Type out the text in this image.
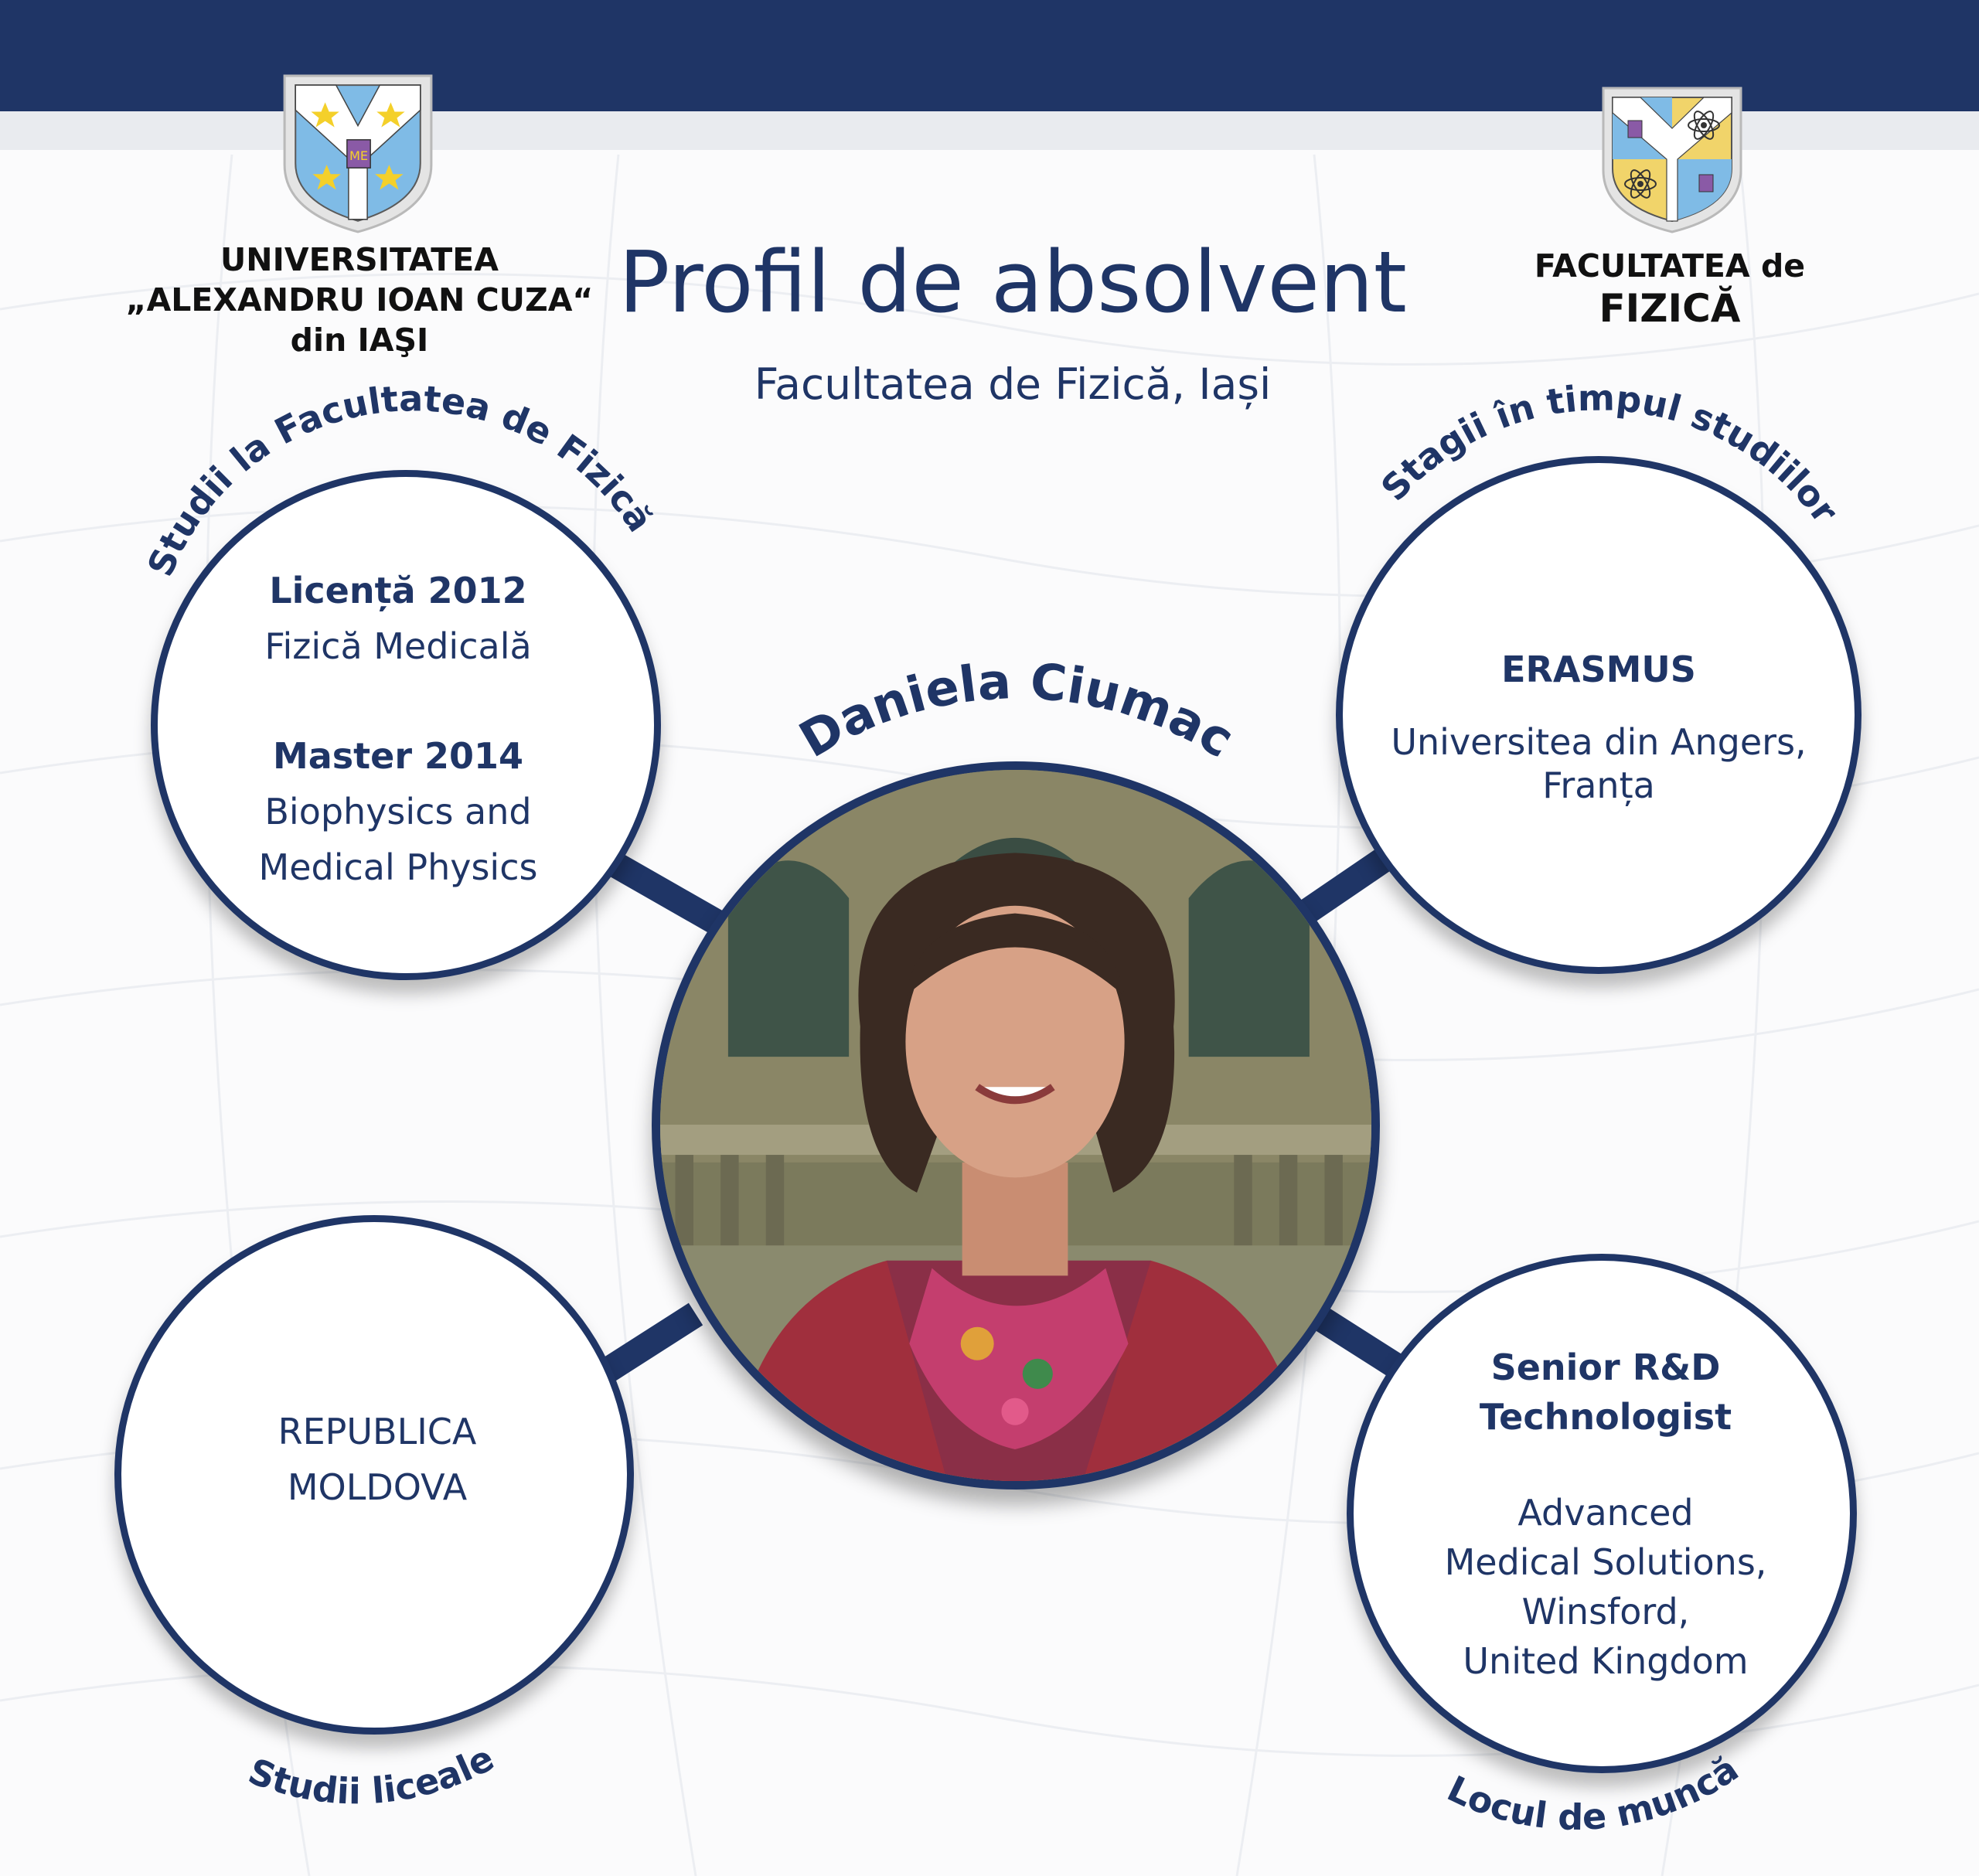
ME
UNIVERSITATEA
„ALEXANDRU IOAN CUZA“
din IAŞI
FACULTATEA de
FIZICĂ
Profil de absolvent
Facultatea de Fizică, Iași
Licență 2012
Fizică Medicală
Master 2014
Biophysics and
Medical Physics
ERASMUS
Universitea din Angers,
Franța
REPUBLICA
MOLDOVA
Senior R&D
Technologist
Advanced
Medical Solutions,
Winsford,
United Kingdom
Studii la Facultatea de Fizică
Stagii în timpul studiilor
Daniela Ciumac
Studii liceale
Locul de muncă
